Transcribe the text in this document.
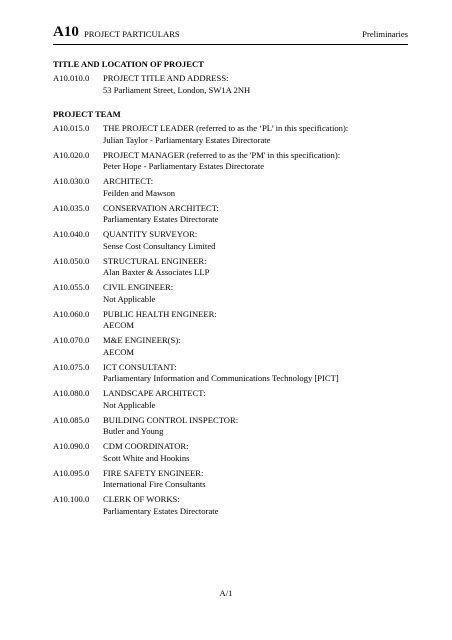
A10 PROJECT PARTICULARS	Preliminaries
TITLE AND LOCATION OF PROJECT
A10.010.0 PROJECT TITLE AND ADDRESS:
53 Parliament Street, London, SW1A 2NH
PROJECT TEAM
A10.015.0 THE PROJECT LEADER (referred to as the ‘PL’ in this specification):
Julian Taylor - Parliamentary Estates Directorate
A10.020.0 PROJECT MANAGER (referred to as the 'PM' in this specification):
Peter Hope - Parliamentary Estates Directorate
A10.030.0 ARCHITECT:
Feilden and Mawson
A10.035.0 CONSERVATION ARCHITECT:
Parliamentary Estates Directorate
A10.040.0 QUANTITY SURVEYOR:
Sense Cost Consultancy Limited
A10.050.0 STRUCTURAL ENGINEER:
Alan Baxter & Associates LLP
A10.055.0 CIVIL ENGINEER:
Not Applicable
A10.060.0 PUBLIC HEALTH ENGINEER:
AECOM
A10.070.0 M&E ENGINEER(S):
AECOM
A10.075.0 ICT CONSULTANT:
Parliamentary Information and Communications Technology [PICT]
A10.080.0 LANDSCAPE ARCHITECT:
Not Applicable
A10.085.0 BUILDING CONTROL INSPECTOR:
Butler and Young
A10.090.0 CDM COORDINATOR:
Scott White and Hookins
A10.095.0 FIRE SAFETY ENGINEER:
International Fire Consultants
A10.100.0 CLERK OF WORKS:
Parliamentary Estates Directorate
A/1
